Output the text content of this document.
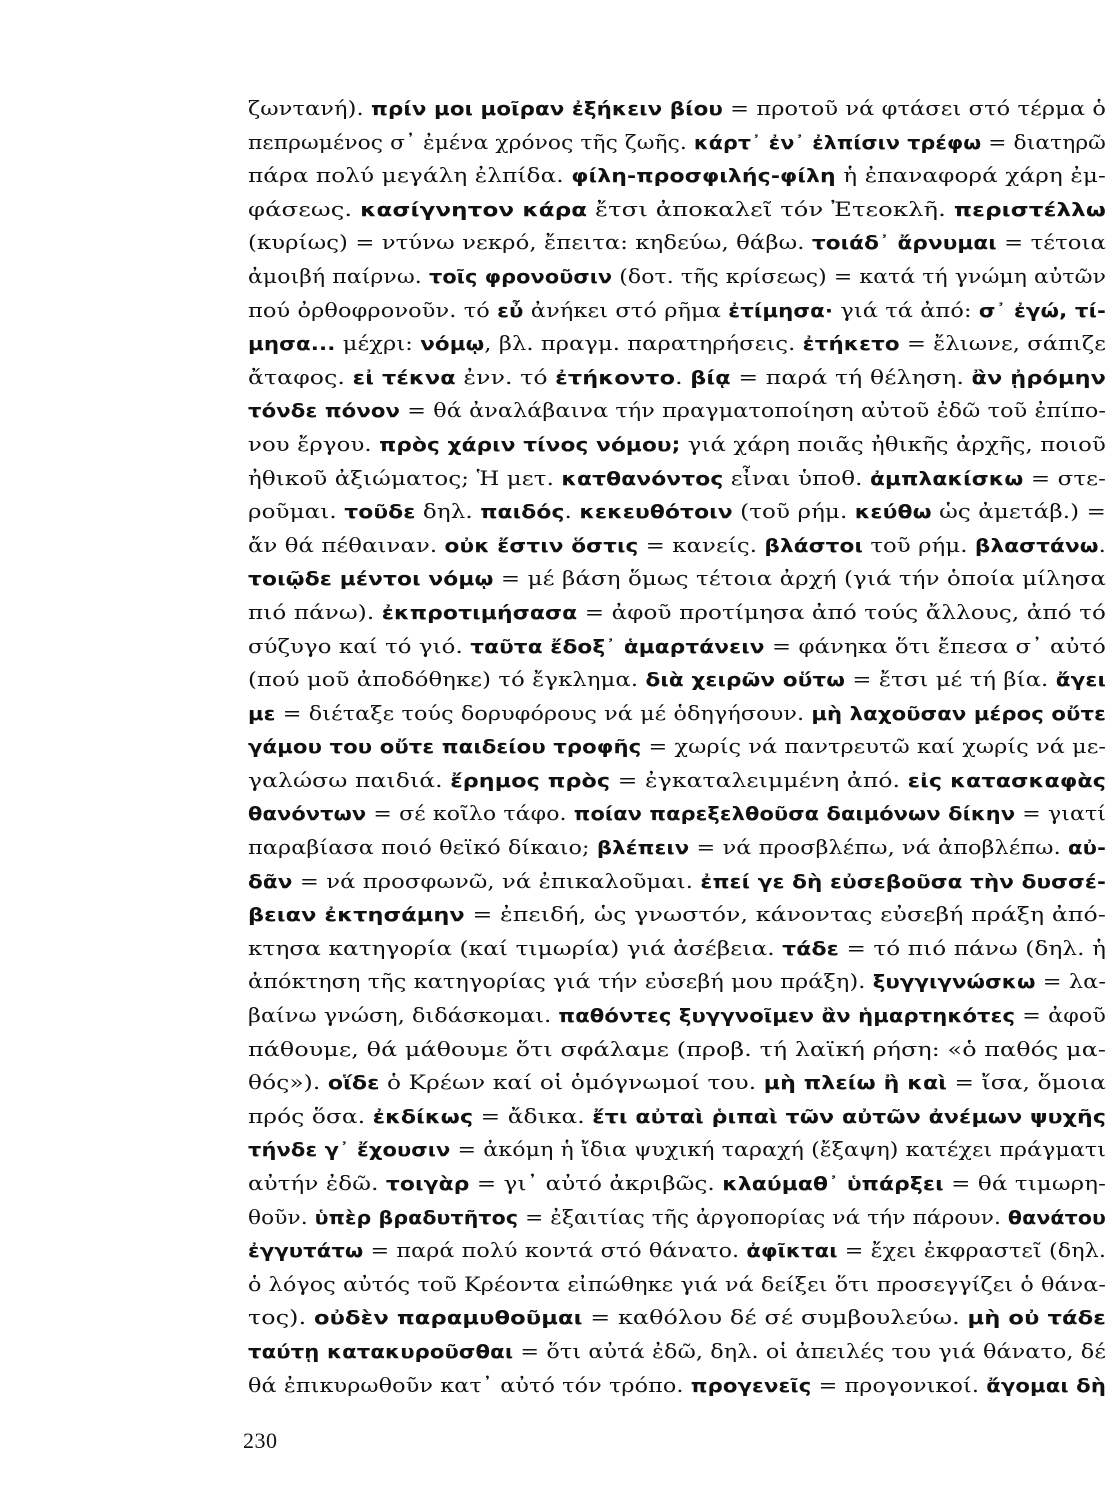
ζωντανή). πρίν μοι μοῖραν ἐξήκειν βίου = προτοῦ νά φτάσει στό τέρμα ὁ
πεπρωμένος σ᾽ ἐμένα χρόνος τῆς ζωῆς. κάρτ᾽ ἐν᾽ ἐλπίσιν τρέφω = διατηρῶ
πάρα πολύ μεγάλη ἐλπίδα. φίλη-προσφιλής-φίλη ἡ ἐπαναφορά χάρη ἐμ-
φάσεως. κασίγνητον κάρα ἔτσι ἀποκαλεῖ τόν Ἐτεοκλῆ. περιστέλλω
(κυρίως) = ντύνω νεκρό, ἔπειτα: κηδεύω, θάβω. τοιάδ᾽ ἄρνυμαι = τέτοια
ἀμοιβή παίρνω. τοῖς φρονοῦσιν (δοτ. τῆς κρίσεως) = κατά τή γνώμη αὐτῶν
πού ὀρθοφρονοῦν. τό εὖ ἀνήκει στό ρῆμα ἐτίμησα· γιά τά ἀπό: σ᾽ ἐγώ, τί-
μησα... μέχρι: νόμῳ, βλ. πραγμ. παρατηρήσεις. ἐτήκετο = ἔλιωνε, σάπιζε
ἄταφος. εἰ τέκνα ἐνν. τό ἐτήκοντο. βίᾳ = παρά τή θέληση. ἂν ᾐρόμην
τόνδε πόνον = θά ἀναλάβαινα τήν πραγματοποίηση αὐτοῦ ἐδῶ τοῦ ἐπίπο-
νου ἔργου. πρὸς χάριν τίνος νόμου; γιά χάρη ποιᾶς ἠθικῆς ἀρχῆς, ποιοῦ
ἠθικοῦ ἀξιώματος; Ἡ μετ. κατθανόντος εἶναι ὑποθ. ἀμπλακίσκω = στε-
ροῦμαι. τοῦδε δηλ. παιδός. κεκευθότοιν (τοῦ ρήμ. κεύθω ὡς ἀμετάβ.) =
ἄν θά πέθαιναν. οὐκ ἔστιν ὅστις = κανείς. βλάστοι τοῦ ρήμ. βλαστάνω.
τοιῷδε μέντοι νόμῳ = μέ βάση ὅμως τέτοια ἀρχή (γιά τήν ὁποία μίλησα
πιό πάνω). ἐκπροτιμήσασα = ἀφοῦ προτίμησα ἀπό τούς ἄλλους, ἀπό τό
σύζυγο καί τό γιό. ταῦτα ἔδοξ᾽ ἁμαρτάνειν = φάνηκα ὅτι ἔπεσα σ᾽ αὐτό
(πού μοῦ ἀποδόθηκε) τό ἔγκλημα. διὰ χειρῶν οὕτω = ἔτσι μέ τή βία. ἄγει
με = διέταξε τούς δορυφόρους νά μέ ὁδηγήσουν. μὴ λαχοῦσαν μέρος οὔτε
γάμου του οὔτε παιδείου τροφῆς = χωρίς νά παντρευτῶ καί χωρίς νά με-
γαλώσω παιδιά. ἔρημος πρὸς = ἐγκαταλειμμένη ἀπό. εἰς κατασκαφὰς
θανόντων = σέ κοῖλο τάφο. ποίαν παρεξελθοῦσα δαιμόνων δίκην = γιατί
παραβίασα ποιό θεϊκό δίκαιο; βλέπειν = νά προσβλέπω, νά ἀποβλέπω. αὐ-
δᾶν = νά προσφωνῶ, νά ἐπικαλοῦμαι. ἐπεί γε δὴ εὐσεβοῦσα τὴν δυσσέ-
βειαν ἐκτησάμην = ἐπειδή, ὡς γνωστόν, κάνοντας εὐσεβή πράξη ἀπό-
κτησα κατηγορία (καί τιμωρία) γιά ἀσέβεια. τάδε = τό πιό πάνω (δηλ. ἡ
ἀπόκτηση τῆς κατηγορίας γιά τήν εὐσεβή μου πράξη). ξυγγιγνώσκω = λα-
βαίνω γνώση, διδάσκομαι. παθόντες ξυγγνοῖμεν ἂν ἡμαρτηκότες = ἀφοῦ
πάθουμε, θά μάθουμε ὅτι σφάλαμε (προβ. τή λαϊκή ρήση: «ὁ παθός μα-
θός»). οἵδε ὁ Κρέων καί οἱ ὁμόγνωμοί του. μὴ πλείω ἢ καὶ = ἴσα, ὅμοια
πρός ὅσα. ἐκδίκως = ἄδικα. ἔτι αὐταὶ ῥιπαὶ τῶν αὐτῶν ἀνέμων ψυχῆς
τήνδε γ᾽ ἔχουσιν = ἀκόμη ἡ ἴδια ψυχική ταραχή (ἔξαψη) κατέχει πράγματι
αὐτήν ἐδῶ. τοιγὰρ = γι᾽ αὐτό ἀκριβῶς. κλαύμαθ᾽ ὑπάρξει = θά τιμωρη-
θοῦν. ὑπὲρ βραδυτῆτος = ἐξαιτίας τῆς ἀργοπορίας νά τήν πάρουν. θανάτου
ἐγγυτάτω = παρά πολύ κοντά στό θάνατο. ἀφῖκται = ἔχει ἐκφραστεῖ (δηλ.
ὁ λόγος αὐτός τοῦ Κρέοντα εἰπώθηκε γιά νά δείξει ὅτι προσεγγίζει ὁ θάνα-
τος). οὐδὲν παραμυθοῦμαι = καθόλου δέ σέ συμβουλεύω. μὴ οὐ τάδε
ταύτῃ κατακυροῦσθαι = ὅτι αὐτά ἐδῶ, δηλ. οἱ ἀπειλές του γιά θάνατο, δέ
θά ἐπικυρωθοῦν κατ᾽ αὐτό τόν τρόπο. προγενεῖς = προγονικοί. ἄγομαι δὴ
230
